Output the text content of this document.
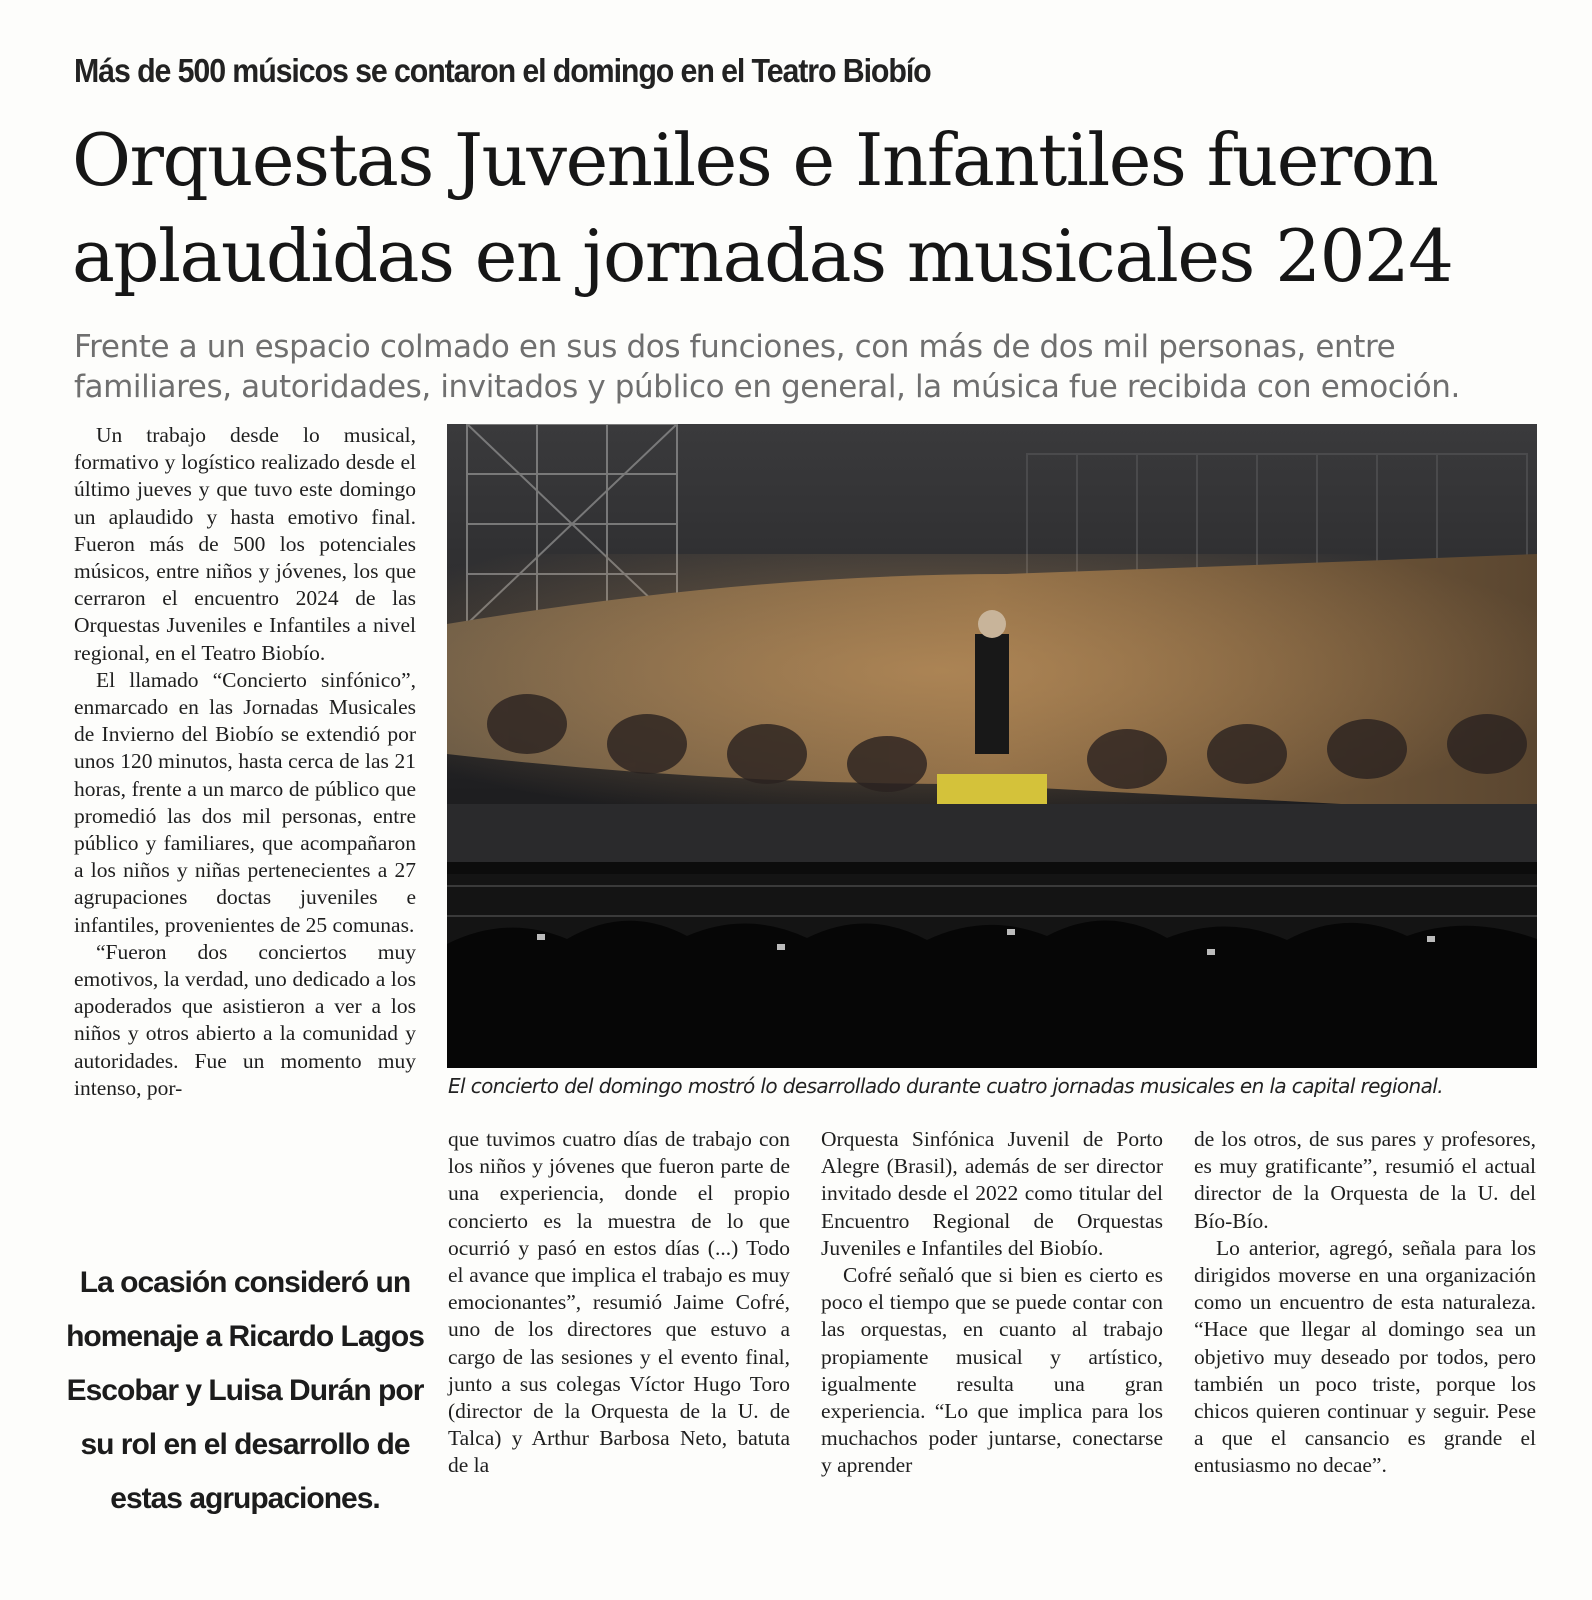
Más de 500 músicos se contaron el domingo en el Teatro Biobío
Orquestas Juveniles e Infantiles fueron
aplaudidas en jornadas musicales 2024

Frente a un espacio colmado en sus dos funciones, con más de dos mil personas, entre familiares, autoridades, invitados y público en general, la música fue recibida con emoción.

Un trabajo desde lo musical, formativo y logístico realizado desde el último jueves y que tuvo este domingo un aplaudido y hasta emotivo final. Fueron más de 500 los potenciales músicos, entre niños y jóvenes, los que cerraron el encuentro 2024 de las Orquestas Juveniles e Infantiles a nivel regional, en el Teatro Biobío.

El llamado “Concierto sinfónico”, enmarcado en las Jornadas Musicales de Invierno del Biobío se extendió por unos 120 minutos, hasta cerca de las 21 horas, frente a un marco de público que promedió las dos mil personas, entre público y familiares, que acompañaron a los niños y niñas pertenecientes a 27 agrupaciones doctas juveniles e infantiles, provenientes de 25 comunas.

“Fueron dos conciertos muy emotivos, la verdad, uno dedicado a los apoderados que asistieron a ver a los niños y otros abierto a la comunidad y autoridades. Fue un momento muy intenso, por-	El concierto del domingo mostró lo desarrollado durante cuatro jornadas musicales en la capital regional.

que tuvimos cuatro días de trabajo con los niños y jóvenes que fueron parte de una experiencia, donde el propio concierto es la muestra de lo que ocurrió y pasó en estos días (...) Todo el avance que implica el trabajo es muy emocionantes”, resumió Jaime Cofré, uno de los directores que estuvo a cargo de las sesiones y el evento final, junto a sus colegas Víctor Hugo Toro (director de la Orquesta de la U. de Talca) y Arthur Barbosa Neto, batuta de la

Orquesta Sinfónica Juvenil de Porto Alegre (Brasil), además de ser director invitado desde el 2022 como titular del Encuentro Regional de Orquestas Juveniles e Infantiles del Biobío.

Cofré señaló que si bien es cierto es poco el tiempo que se puede contar con las orquestas, en cuanto al trabajo propiamente musical y artístico, igualmente resulta una gran experiencia. “Lo que implica para los muchachos poder juntarse, conectarse y aprender

de los otros, de sus pares y profesores, es muy gratificante”, resumió el actual director de la Orquesta de la U. del Bío-Bío.

Lo anterior, agregó, señala para los dirigidos moverse en una organización como un encuentro de esta naturaleza. “Hace que llegar al domingo sea un objetivo muy deseado por todos, pero también un poco triste, porque los chicos quieren continuar y seguir. Pese a que el cansancio es grande el entusiasmo no decae”.

La ocasión consideró un homenaje a Ricardo Lagos Escobar y Luisa Durán por su rol en el desarrollo de estas agrupaciones.
